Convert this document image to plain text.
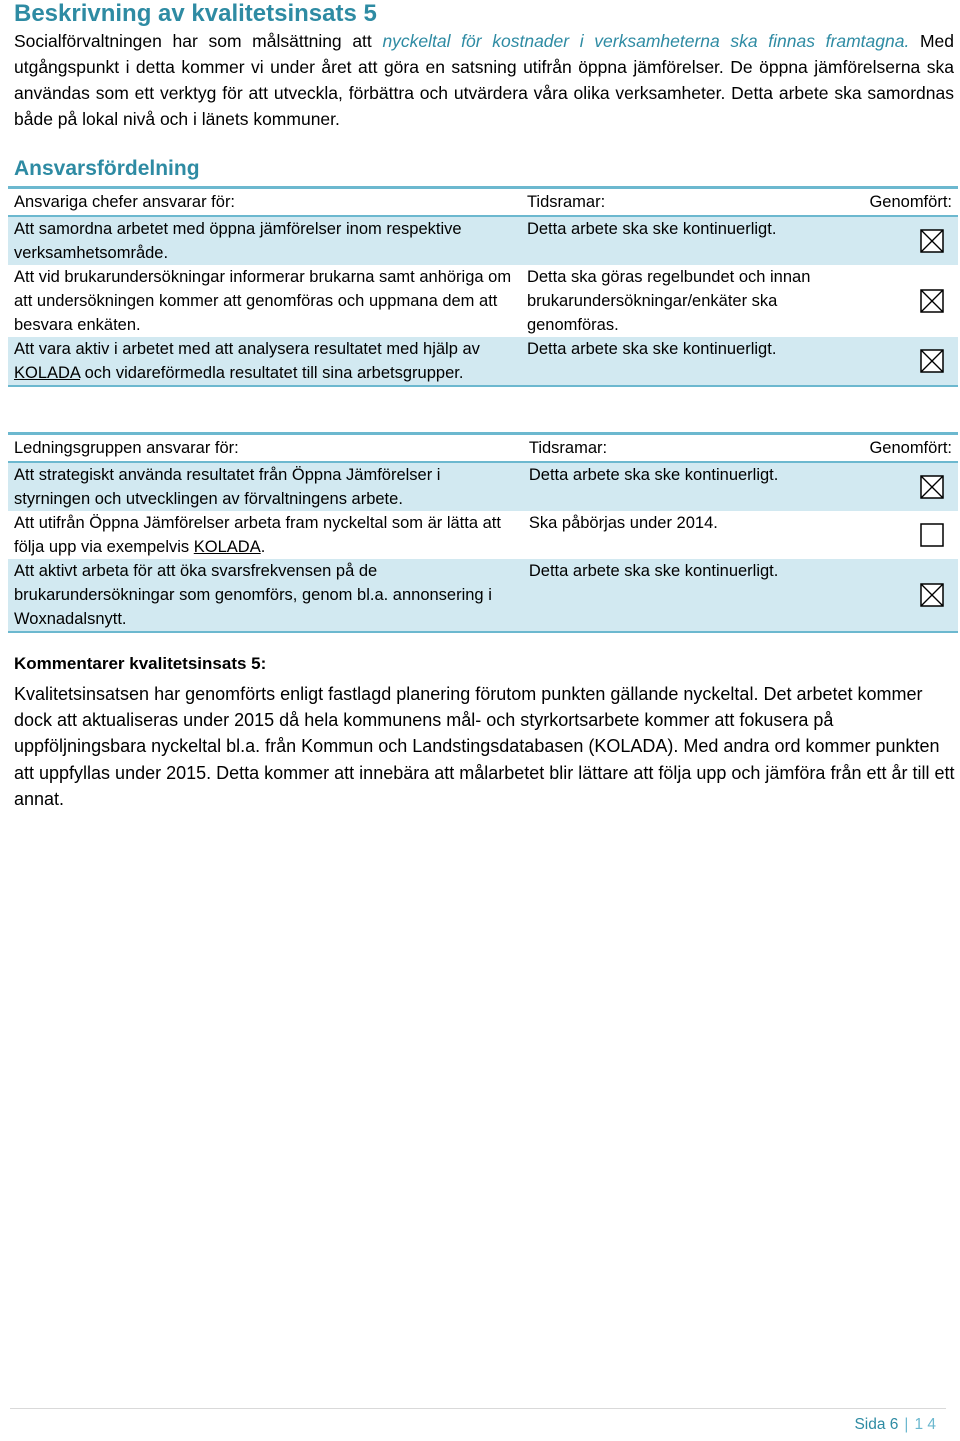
Beskrivning av kvalitetsinsats 5

Socialförvaltningen har som målsättning att nyckeltal för kostnader i verksamheterna ska finnas framtagna. Med utgångspunkt i detta kommer vi under året att göra en satsning utifrån öppna jämförelser. De öppna jämförelserna ska användas som ett verktyg för att utveckla, förbättra och utvärdera våra olika verksamheter. Detta arbete ska samordnas både på lokal nivå och i länets kommuner.

Ansvarsfördelning
Ansvariga chefer ansvarar för:	Tidsramar:	Genomfört:
Att samordna arbetet med öppna jämförelser inom respektive verksamhetsområde.	Detta arbete ska ske kontinuerligt.	

Att vid brukarundersökningar informerar brukarna samt anhöriga om att undersökningen kommer att genomföras och uppmana dem att besvara enkäten.	Detta ska göras regelbundet och innan brukarundersökningar/enkäter ska genomföras.	

Att vara aktiv i arbetet med att analysera resultatet med hjälp av KOLADA och vidareförmedla resultatet till sina arbetsgrupper.	Detta arbete ska ske kontinuerligt.	
Ledningsgruppen ansvarar för:	Tidsramar:	Genomfört:
Att strategiskt använda resultatet från Öppna Jämförelser i styrningen och utvecklingen av förvaltningens arbete.	Detta arbete ska ske kontinuerligt.	

Att utifrån Öppna Jämförelser arbeta fram nyckeltal som är lätta att följa upp via exempelvis KOLADA.	Ska påbörjas under 2014.	

Att aktivt arbeta för att öka svarsfrekvensen på de brukarundersökningar som genomförs, genom bl.a. annonsering i Woxnadalsnytt.	Detta arbete ska ske kontinuerligt.	
Kommentarer kvalitetsinsats 5:

Kvalitetsinsatsen har genomförts enligt fastlagd planering förutom punkten gällande nyckeltal. Det arbetet kommer dock att aktualiseras under 2015 då hela kommunens mål- och styrkortsarbete kommer att fokusera på uppföljningsbara nyckeltal bl.a. från Kommun och Landstingsdatabasen (KOLADA). Med andra ord kommer punkten att uppfyllas under 2015. Detta kommer att innebära att målarbetet blir lättare att följa upp och jämföra från ett år till ett annat.

Sida 6 | 1 4
